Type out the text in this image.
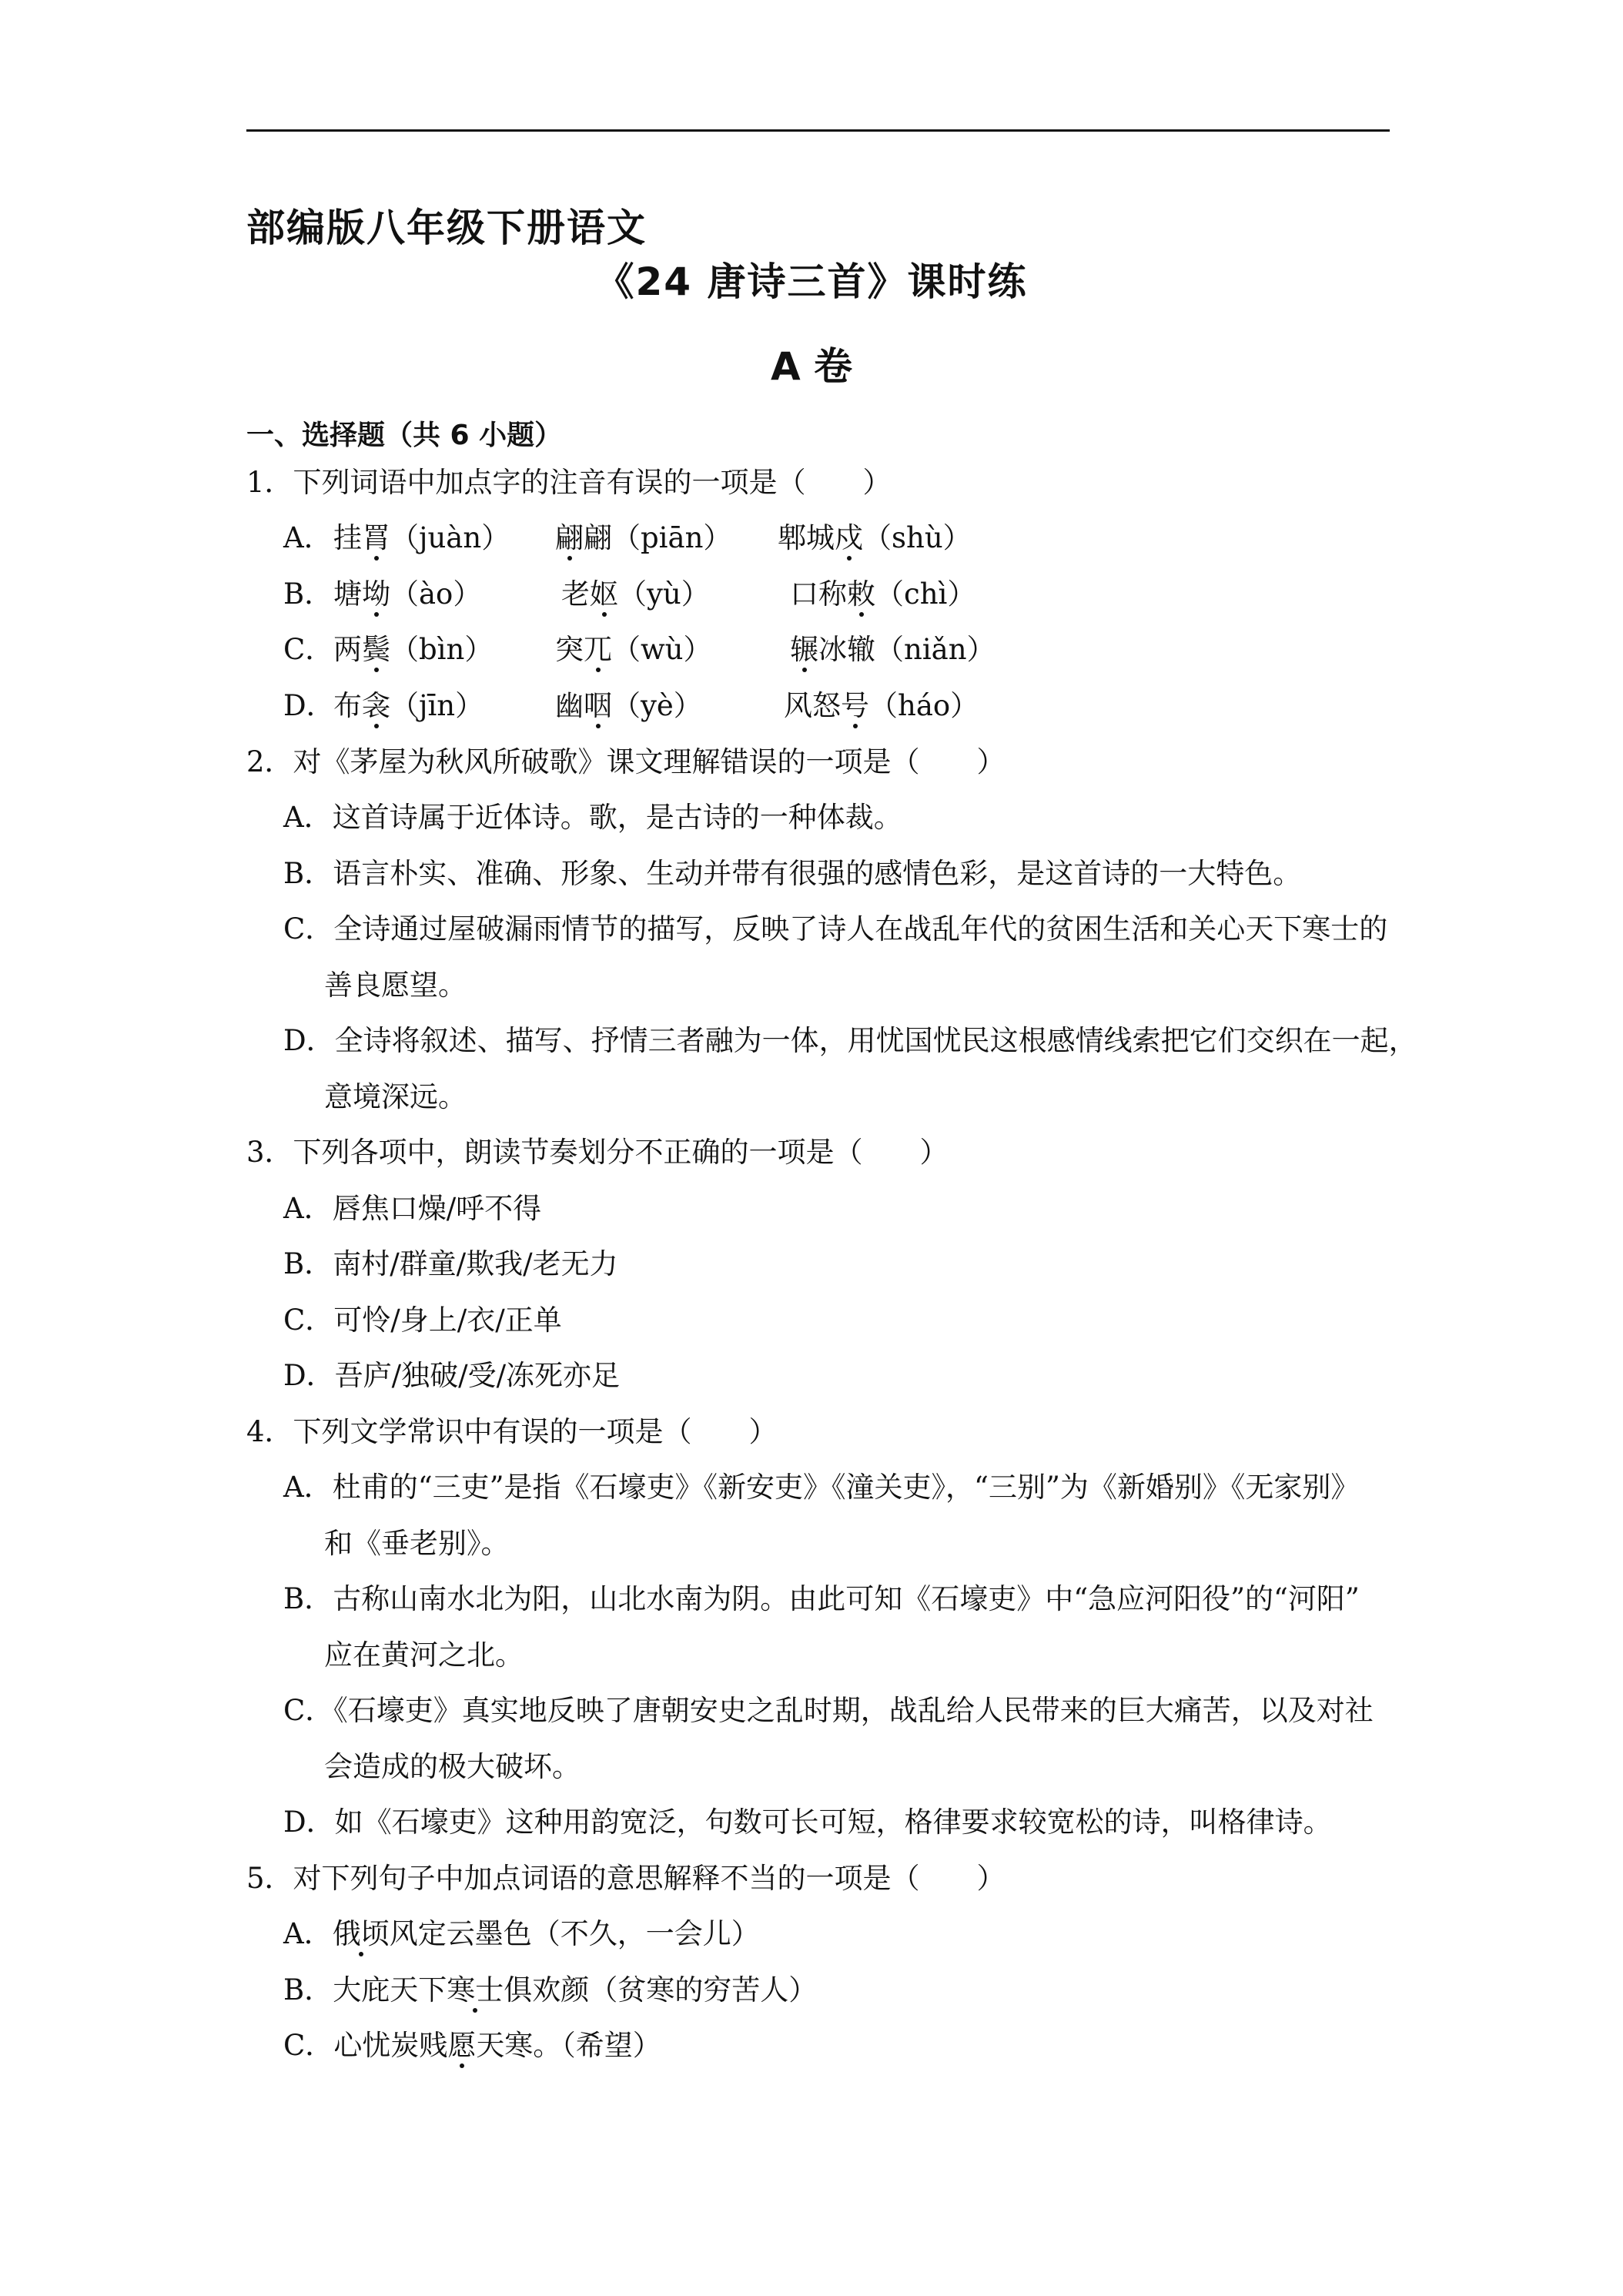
部编版八年级下册语文
《24 唐诗三首》课时练
A 卷
一、选择题（共 6 小题）
1．下列词语中加点字的注音有误的一项是（　　）
A． 挂罥（juàn） 翩翩（piān） 郫城戍（shù）
B． 塘坳（ào）	老妪（yù）	口称敕（chì）
C． 两鬓（bìn） 突兀（wù）	辗冰辙（niǎn）
D．
布衾（jīn）	幽咽（yè）	风怒号（háo）
2．对《茅屋为秋风所破歌》课文理解错误的一项是（　　）
A．这首诗属于近体诗。歌，是古诗的一种体裁。
B．语言朴实、准确、形象、生动并带有很强的感情色彩，是这首诗的一大特色。
C．全诗通过屋破漏雨情节的描写，反映了诗人在战乱年代的贫困生活和关心天下寒士的
善良愿望。
D．全诗将叙述、描写、抒情三者融为一体，用忧国忧民这根感情线索把它们交织在一起，
意境深远。
3．下列各项中，朗读节奏划分不正确的一项是（　　）
A．唇焦口燥/呼不得
B．南村/群童/欺我/老无力
C．可怜/身上/衣/正单
D．吾庐/独破/受/冻死亦足
4．下列文学常识中有误的一项是（　　）
A．杜甫的“三吏”是指《石壕吏》《新安吏》《潼关吏》，“三别”为《新婚别》《无家别》
和《垂老别》。
B．古称山南水北为阳，山北水南为阴。由此可知《石壕吏》中“急应河阳役”的“河阳”
应在黄河之北。
C．《石壕吏》真实地反映了唐朝安史之乱时期，战乱给人民带来的巨大痛苦，以及对社
会造成的极大破坏。
D．如《石壕吏》这种用韵宽泛，句数可长可短，格律要求较宽松的诗，叫格律诗。
5．对下列句子中加点词语的意思解释不当的一项是（　　）
A．俄顷风定云墨色（不久，一会儿）
B．大庇天下寒士俱欢颜（贫寒的穷苦人）
C．心忧炭贱愿天寒。（希望）
